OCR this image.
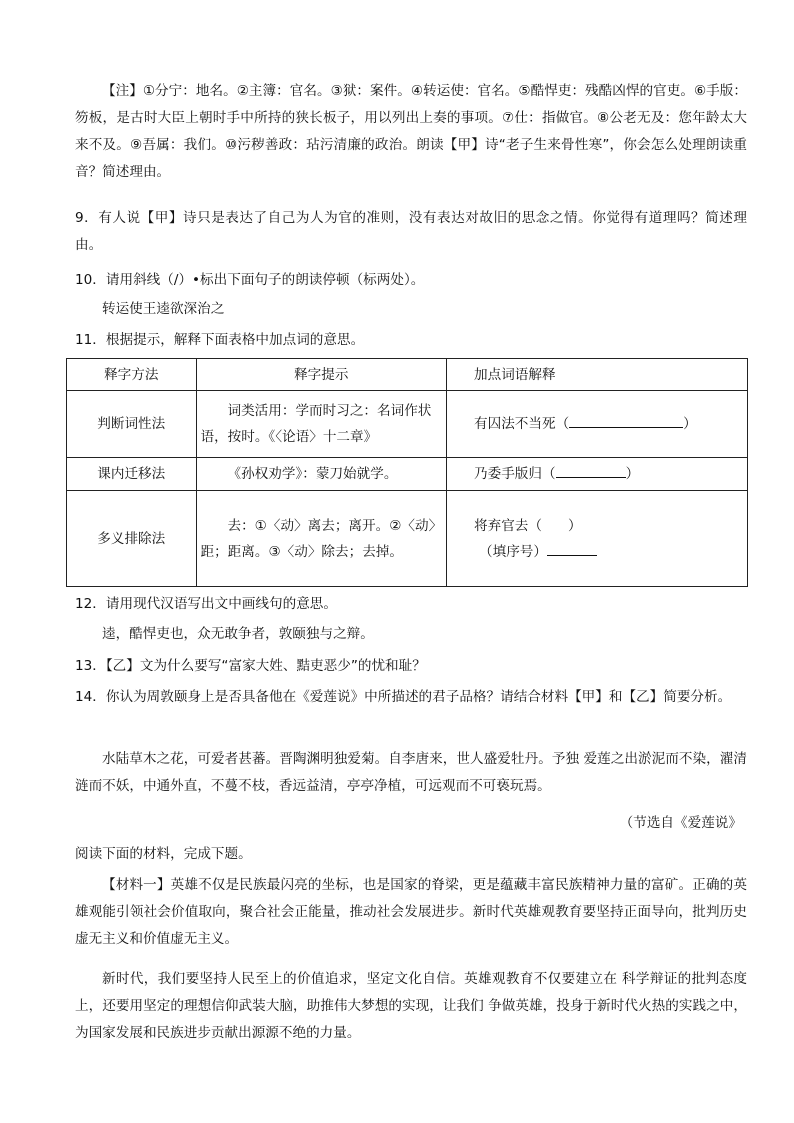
【注】①分宁：地名。②主簿：官名。③狱：案件。④转运使：官名。⑤酷悍吏：残酷凶悍的官吏。⑥手版：笏板，是古时大臣上朝时手中所持的狭长板子，用以列出上奏的事项。⑦仕：指做官。⑧公老无及：您年龄太大来不及。⑨吾属：我们。⑩污秽善政：玷污清廉的政治。朗读【甲】诗“老子生来骨性寒”，你会怎么处理朗读重音？简述理由。

9．有人说【甲】诗只是表达了自己为人为官的准则，没有表达对故旧的思念之情。你觉得有道理吗？简述理由。

10．请用斜线（/）•标出下面句子的朗读停顿（标两处）。

转运使王逵欲深治之

11．根据提示，解释下面表格中加点词的意思。

释字方法	释字提示	加点词语解释
判断词性法	词类活用：学而时习之：名词作状语，按时。《〈论语〉十二章》	有囚法不当死（ ）
课内迁移法	《孙权劝学》：蒙刀始就学。	乃委手版归（ ）
多义排除法	去：①〈动〉离去；离开。②〈动〉距；距离。③〈动〉除去；去掉。	将弃官去（ ）
（填序号）

12．请用现代汉语写出文中画线句的意思。

逵，酷悍吏也，众无敢争者，敦颐独与之辩。

13．【乙】文为什么要写“富家大姓、黠吏恶少”的忧和耻？

14．你认为周敦颐身上是否具备他在《爱莲说》中所描述的君子品格？请结合材料【甲】和【乙】简要分析。

水陆草木之花，可爱者甚蕃。晋陶渊明独爱菊。自李唐来，世人盛爱牡丹。予独 爱莲之出淤泥而不染，濯清涟而不妖，中通外直，不蔓不枝，香远益清，亭亭净植，可远观而不可亵玩焉。

（节选自《爱莲说》

阅读下面的材料，完成下题。

【材料一】英雄不仅是民族最闪亮的坐标，也是国家的脊梁，更是蕴藏丰富民族精神力量的富矿。正确的英雄观能引领社会价值取向，聚合社会正能量，推动社会发展进步。新时代英雄观教育要坚持正面导向，批判历史虚无主义和价值虚无主义。

新时代，我们要坚持人民至上的价值追求，坚定文化自信。英雄观教育不仅要建立在 科学辩证的批判态度上，还要用坚定的理想信仰武装大脑，助推伟大梦想的实现，让我们 争做英雄，投身于新时代火热的实践之中，为国家发展和民族进步贡献出源源不绝的力量。
